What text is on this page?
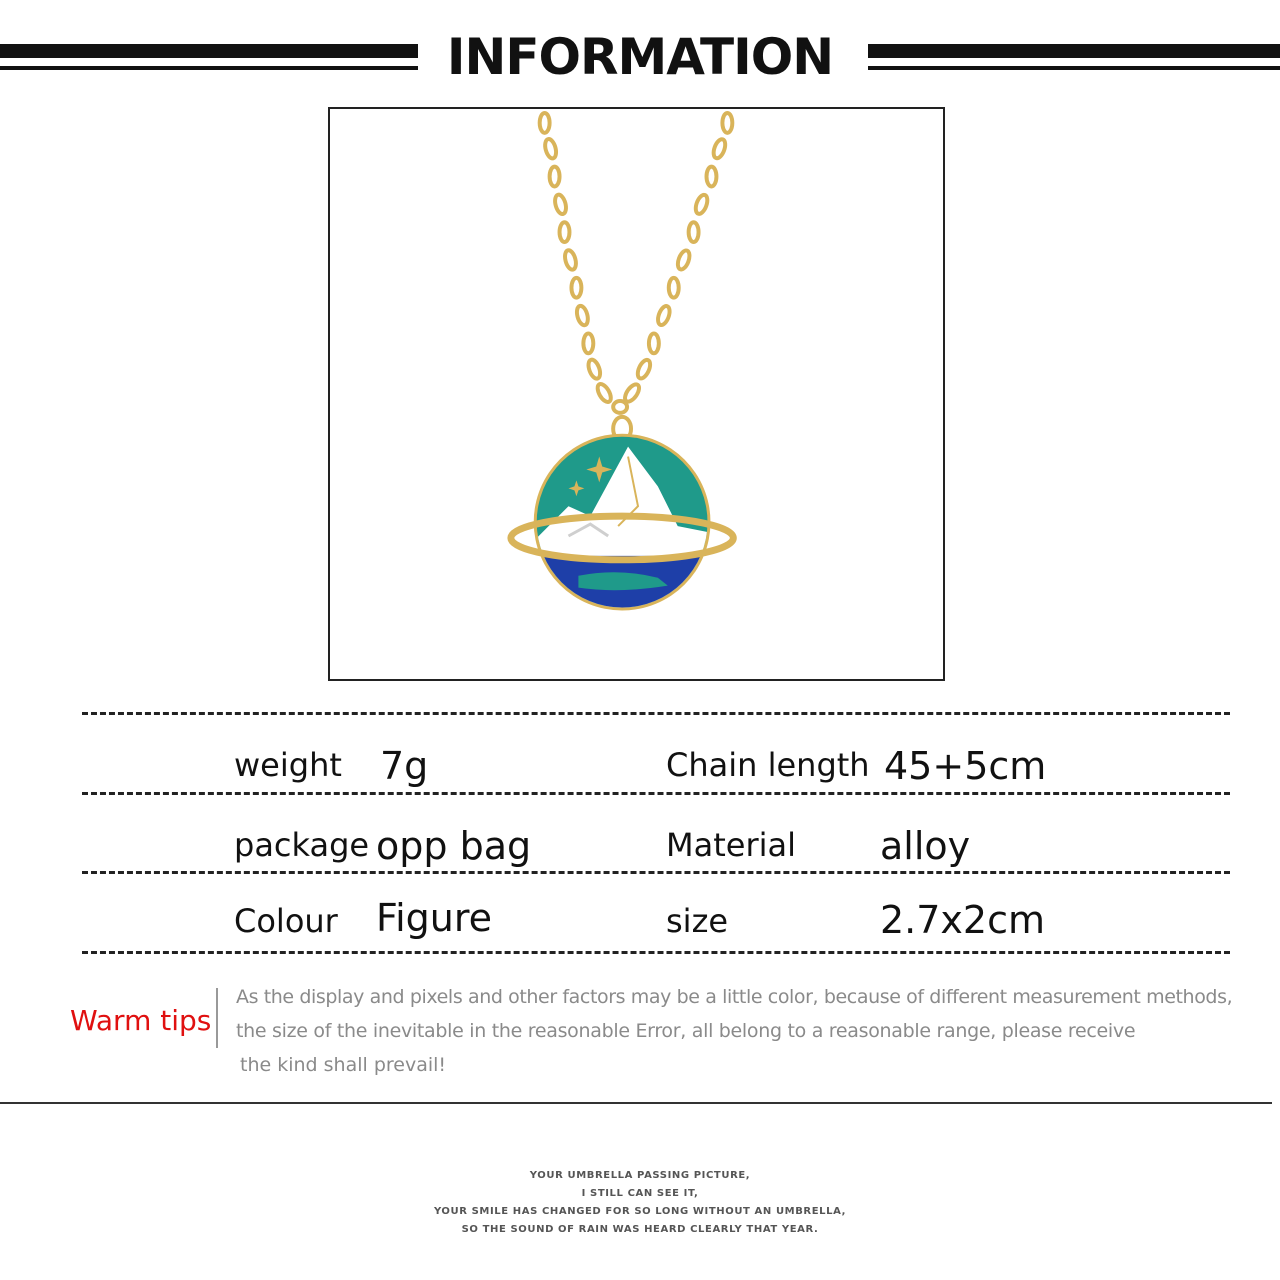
INFORMATION
weight 7g	Chain length 45+5cm
package opp bag	Material alloy
Colour Figure	size	2.7x2cm
Warm tips
As the display and pixels and other factors may be a little color, because of different measurement methods,
the size of the inevitable in the reasonable Error, all belong to a reasonable range, please receive
the kind shall prevail!
YOUR UMBRELLA PASSING PICTURE,
I STILL CAN SEE IT,
YOUR SMILE HAS CHANGED FOR SO LONG WITHOUT AN UMBRELLA,
SO THE SOUND OF RAIN WAS HEARD CLEARLY THAT YEAR.
